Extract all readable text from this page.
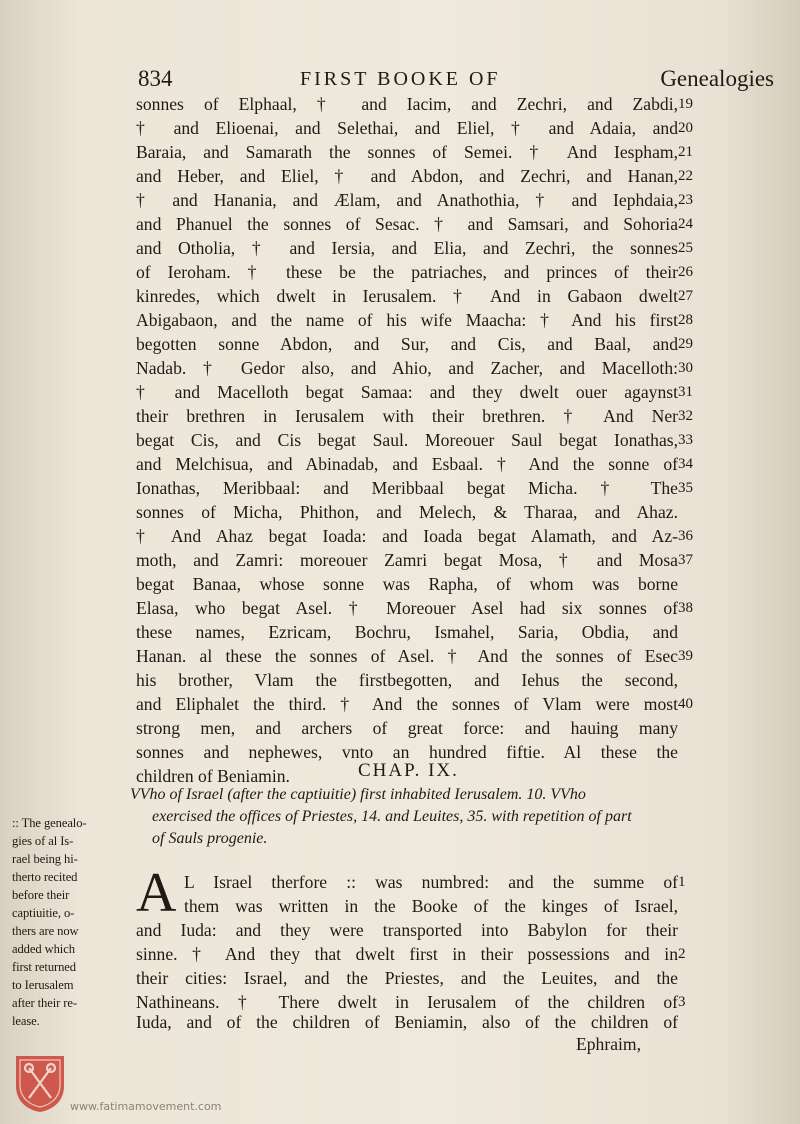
834	FIRST BOOKE OF	Genealogies
sonnes of Elphaal, † and Iacim, and Zechri, and Zabdi, 19
† and Elioenai, and Selethai, and Eliel, † and Adaia, and 20
Baraia, and Samarath the sonnes of Semei. † And Iespham, 21
and Heber, and Eliel, † and Abdon, and Zechri, and Hanan, 22
† and Hanania, and Ælam, and Anathothia, † and Iephdaia, 23
and Phanuel the sonnes of Sesac. † and Samsari, and Sohoria 24
and Otholia, † and Iersia, and Elia, and Zechri, the sonnes 25
of Ieroham. † these be the patriaches, and princes of their 26
kinredes, which dwelt in Ierusalem. † And in Gabaon dwelt 27
Abigabaon, and the name of his wife Maacha: † And his first 28
begotten sonne Abdon, and Sur, and Cis, and Baal, and 29
Nadab. † Gedor also, and Ahio, and Zacher, and Macelloth: 30
† and Macelloth begat Samaa: and they dwelt ouer agaynst 31
their brethren in Ierusalem with their brethren. † And Ner 32
begat Cis, and Cis begat Saul. Moreouer Saul begat Ionathas, 33
and Melchisua, and Abinadab, and Esbaal. † And the sonne of 34
Ionathas, Meribbaal: and Meribbaal begat Micha. † The 35
sonnes of Micha, Phithon, and Melech, & Tharaa, and Ahaz.
† And Ahaz begat Ioada: and Ioada begat Alamath, and Az- 36
moth, and Zamri: moreouer Zamri begat Mosa, † and Mosa 37
begat Banaa, whose sonne was Rapha, of whom was borne
Elasa, who begat Asel. † Moreouer Asel had six sonnes of 38
these names, Ezricam, Bochru, Ismahel, Saria, Obdia, and
Hanan. al these the sonnes of Asel. † And the sonnes of Esec 39
his brother, Vlam the firstbegotten, and Iehus the second,
and Eliphalet the third. † And the sonnes of Vlam were most 40
strong men, and archers of great force: and hauing many
sonnes and nephewes, vnto an hundred fiftie. Al these the
children of Beniamin.	CHAP. IX.
VVho of Israel (after the captiuitie) first inhabited Ierusalem. 10. VVho
exercised the offices of Priestes, 14. and Leuites, 35. with repetition of part
of Sauls progenie.
:: The genealo-
gies of al Is-
rael being hi-
therto recited
before their
captiuitie, o-
thers are now
added which
first returned
to Ierusalem
after their re-
lease.
A L Israel therfore :: was numbred: and the summe of 1
them was written in the Booke of the kinges of Israel,
and Iuda: and they were transported into Babylon for their
sinne. † And they that dwelt first in their possessions and in 2
their cities: Israel, and the Priestes, and the Leuites, and the
Nathineans. † There dwelt in Ierusalem of the children of 3
Iuda, and of the children of Beniamin, also of the children of
Ephraim,
www.fatimamovement.com
